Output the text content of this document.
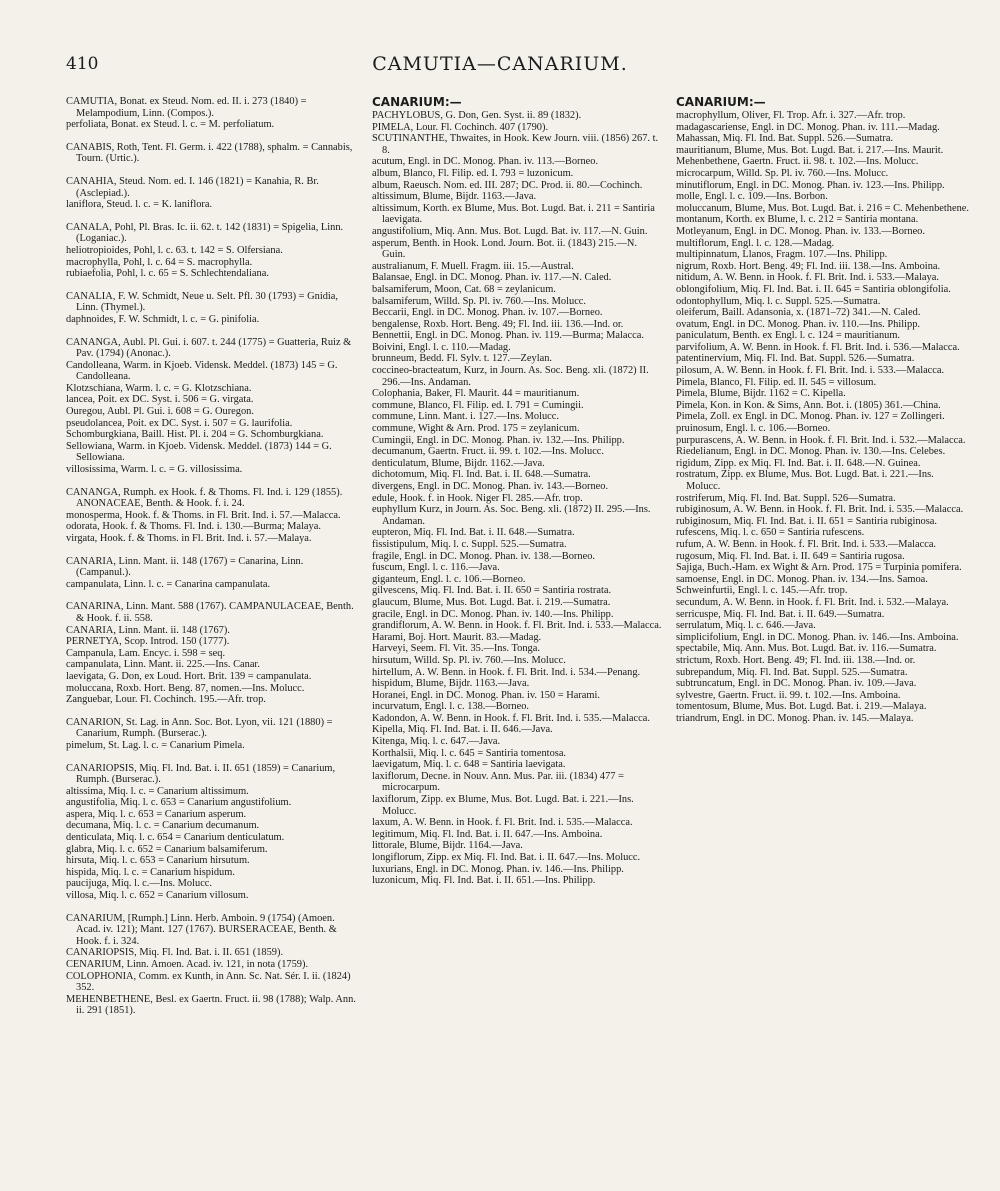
410	CAMUTIA—CANARIUM.
CAMUTIA, Bonat. ex Steud. Nom. ed. II. i. 273 (1840) = Melampodium, Linn. (Compos.).
perfoliata, Bonat. ex Steud. l. c. = M. perfoliatum.
CANABIS, Roth, Tent. Fl. Germ. i. 422 (1788), sphalm. = Cannabis, Tourn. (Urtic.).
CANAHIA, Steud. Nom. ed. I. 146 (1821) = Kanahia, R. Br. (Asclepiad.).
laniflora, Steud. l. c. = K. laniflora.
CANALA, Pohl, Pl. Bras. Ic. ii. 62. t. 142 (1831) = Spigelia, Linn. (Loganiac.).
heliotropioides, Pohl, l. c. 63. t. 142 = S. Olfersiana.
macrophylla, Pohl, l. c. 64 = S. macrophylla.
rubiaefolia, Pohl, l. c. 65 = S. Schlechtendaliana.
CANALIA, F. W. Schmidt, Neue u. Selt. Pfl. 30 (1793) = Gnidia, Linn. (Thymel.).
daphnoides, F. W. Schmidt, l. c. = G. pinifolia.
CANANGA, Aubl. Pl. Gui. i. 607. t. 244 (1775) = Guatteria, Ruiz & Pav. (1794) (Anonac.).
Candolleana, Warm. in Kjoeb. Vidensk. Meddel. (1873) 145 = G. Candolleana.
Klotzschiana, Warm. l. c. = G. Klotzschiana.
lancea, Poit. ex DC. Syst. i. 506 = G. virgata.
Ouregou, Aubl. Pl. Gui. i. 608 = G. Ouregon.
pseudolancea, Poit. ex DC. Syst. i. 507 = G. laurifolia.
Schomburgkiana, Baill. Hist. Pl. i. 204 = G. Schomburgkiana.
Sellowiana, Warm. in Kjoeb. Vidensk. Meddel. (1873) 144 = G. Sellowiana.
villosissima, Warm. l. c. = G. villosissima.
CANANGA, Rumph. ex Hook. f. & Thoms. Fl. Ind. i. 129 (1855). ANONACEAE, Benth. & Hook. f. i. 24.
monosperma, Hook. f. & Thoms. in Fl. Brit. Ind. i. 57.—Malacca.
odorata, Hook. f. & Thoms. Fl. Ind. i. 130.—Burma; Malaya.
virgata, Hook. f. & Thoms. in Fl. Brit. Ind. i. 57.—Malaya.
CANARIA, Linn. Mant. ii. 148 (1767) = Canarina, Linn. (Campanul.).
campanulata, Linn. l. c. = Canarina campanulata.
CANARINA, Linn. Mant. 588 (1767). CAMPANULACEAE, Benth. & Hook. f. ii. 558.
CANARIA, Linn. Mant. ii. 148 (1767).
PERNETYA, Scop. Introd. 150 (1777).
Campanula, Lam. Encyc. i. 598 = seq.
campanulata, Linn. Mant. ii. 225.—Ins. Canar.
laevigata, G. Don, ex Loud. Hort. Brit. 139 = campanulata.
moluccana, Roxb. Hort. Beng. 87, nomen.—Ins. Molucc.
Zanguebar, Lour. Fl. Cochinch. 195.—Afr. trop.
CANARION, St. Lag. in Ann. Soc. Bot. Lyon, vii. 121 (1880) = Canarium, Rumph. (Burserac.).
pimelum, St. Lag. l. c. = Canarium Pimela.
CANARIOPSIS, Miq. Fl. Ind. Bat. i. II. 651 (1859) = Canarium, Rumph. (Burserac.).
altissima, Miq. l. c. = Canarium altissimum.
angustifolia, Miq. l. c. 653 = Canarium angustifolium.
aspera, Miq. l. c. 653 = Canarium asperum.
decumana, Miq. l. c. = Canarium decumanum.
denticulata, Miq. l. c. 654 = Canarium denticulatum.
glabra, Miq. l. c. 652 = Canarium balsamiferum.
hirsuta, Miq. l. c. 653 = Canarium hirsutum.
hispida, Miq. l. c. = Canarium hispidum.
paucijuga, Miq. l. c.—Ins. Molucc.
villosa, Miq. l. c. 652 = Canarium villosum.
CANARIUM, [Rumph.] Linn. Herb. Amboin. 9 (1754) (Amoen. Acad. iv. 121); Mant. 127 (1767). BURSERACEAE, Benth. & Hook. f. i. 324.
CANARIOPSIS, Miq. Fl. Ind. Bat. i. II. 651 (1859).
CENARIUM, Linn. Amoen. Acad. iv. 121, in nota (1759).
COLOPHONIA, Comm. ex Kunth, in Ann. Sc. Nat. Sér. I. ii. (1824) 352.
MEHENBETHENE, Besl. ex Gaertn. Fruct. ii. 98 (1788); Walp. Ann. ii. 291 (1851).
CANARIUM:—
PACHYLOBUS, G. Don, Gen. Syst. ii. 89 (1832).
PIMELA, Lour. Fl. Cochinch. 407 (1790).
SCUTINANTHE, Thwaites, in Hook. Kew Journ. viii. (1856) 267. t. 8.
acutum, Engl. in DC. Monog. Phan. iv. 113.—Borneo.
album, Blanco, Fl. Filip. ed. I. 793 = luzonicum.
album, Raeusch. Nom. ed. III. 287; DC. Prod. ii. 80.—Cochinch.
altissimum, Blume, Bijdr. 1163.—Java.
altissimum, Korth. ex Blume, Mus. Bot. Lugd. Bat. i. 211 = Santiria laevigata.
angustifolium, Miq. Ann. Mus. Bot. Lugd. Bat. iv. 117.—N. Guin.
asperum, Benth. in Hook. Lond. Journ. Bot. ii. (1843) 215.—N. Guin.
australianum, F. Muell. Fragm. iii. 15.—Austral.
Balansae, Engl. in DC. Monog. Phan. iv. 117.—N. Caled.
balsamiferum, Moon, Cat. 68 = zeylanicum.
balsamiferum, Willd. Sp. Pl. iv. 760.—Ins. Molucc.
Beccarii, Engl. in DC. Monog. Phan. iv. 107.—Borneo.
bengalense, Roxb. Hort. Beng. 49; Fl. Ind. iii. 136.—Ind. or.
Bennettii, Engl. in DC. Monog. Phan. iv. 119.—Burma; Malacca.
Boivini, Engl. l. c. 110.—Madag.
brunneum, Bedd. Fl. Sylv. t. 127.—Zeylan.
coccineo-bracteatum, Kurz, in Journ. As. Soc. Beng. xli. (1872) II. 296.—Ins. Andaman.
Colophania, Baker, Fl. Maurit. 44 = mauritianum.
commune, Blanco, Fl. Filip. ed. I. 791 = Cumingii.
commune, Linn. Mant. i. 127.—Ins. Molucc.
commune, Wight & Arn. Prod. 175 = zeylanicum.
Cumingii, Engl. in DC. Monog. Phan. iv. 132.—Ins. Philipp.
decumanum, Gaertn. Fruct. ii. 99. t. 102.—Ins. Molucc.
denticulatum, Blume, Bijdr. 1162.—Java.
dichotomum, Miq. Fl. Ind. Bat. i. II. 648.—Sumatra.
divergens, Engl. in DC. Monog. Phan. iv. 143.—Borneo.
edule, Hook. f. in Hook. Niger Fl. 285.—Afr. trop.
euphyllum Kurz, in Journ. As. Soc. Beng. xli. (1872) II. 295.—Ins. Andaman.
eupteron, Miq. Fl. Ind. Bat. i. II. 648.—Sumatra.
fissistipulum, Miq. l. c. Suppl. 525.—Sumatra.
fragile, Engl. in DC. Monog. Phan. iv. 138.—Borneo.
fuscum, Engl. l. c. 116.—Java.
giganteum, Engl. l. c. 106.—Borneo.
gilvescens, Miq. Fl. Ind. Bat. i. II. 650 = Santiria rostrata.
glaucum, Blume, Mus. Bot. Lugd. Bat. i. 219.—Sumatra.
gracile, Engl. in DC. Monog. Phan. iv. 140.—Ins. Philipp.
grandiflorum, A. W. Benn. in Hook. f. Fl. Brit. Ind. i. 533.—Malacca.
Harami, Boj. Hort. Maurit. 83.—Madag.
Harveyi, Seem. Fl. Vit. 35.—Ins. Tonga.
hirsutum, Willd. Sp. Pl. iv. 760.—Ins. Molucc.
hirtellum, A. W. Benn. in Hook. f. Fl. Brit. Ind. i. 534.—Penang.
hispidum, Blume, Bijdr. 1163.—Java.
Horanei, Engl. in DC. Monog. Phan. iv. 150 = Harami.
incurvatum, Engl. l. c. 138.—Borneo.
Kadondon, A. W. Benn. in Hook. f. Fl. Brit. Ind. i. 535.—Malacca.
Kipella, Miq. Fl. Ind. Bat. i. II. 646.—Java.
Kitenga, Miq. l. c. 647.—Java.
Korthalsii, Miq. l. c. 645 = Santiria tomentosa.
laevigatum, Miq. l. c. 648 = Santiria laevigata.
laxiflorum, Decne. in Nouv. Ann. Mus. Par. iii. (1834) 477 = microcarpum.
laxiflorum, Zipp. ex Blume, Mus. Bot. Lugd. Bat. i. 221.—Ins. Molucc.
laxum, A. W. Benn. in Hook. f. Fl. Brit. Ind. i. 535.—Malacca.
legitimum, Miq. Fl. Ind. Bat. i. II. 647.—Ins. Amboina.
littorale, Blume, Bijdr. 1164.—Java.
longiflorum, Zipp. ex Miq. Fl. Ind. Bat. i. II. 647.—Ins. Molucc.
luxurians, Engl. in DC. Monog. Phan. iv. 146.—Ins. Philipp.
luzonicum, Miq. Fl. Ind. Bat. i. II. 651.—Ins. Philipp.
CANARIUM:—
macrophyllum, Oliver, Fl. Trop. Afr. i. 327.—Afr. trop.
madagascariense, Engl. in DC. Monog. Phan. iv. 111.—Madag.
Mahassan, Miq. Fl. Ind. Bat. Suppl. 526.—Sumatra.
mauritianum, Blume, Mus. Bot. Lugd. Bat. i. 217.—Ins. Maurit.
Mehenbethene, Gaertn. Fruct. ii. 98. t. 102.—Ins. Molucc.
microcarpum, Willd. Sp. Pl. iv. 760.—Ins. Molucc.
minutiflorum, Engl. in DC. Monog. Phan. iv. 123.—Ins. Philipp.
molle, Engl. l. c. 109.—Ins. Borbon.
moluccanum, Blume, Mus. Bot. Lugd. Bat. i. 216 = C. Mehenbethene.
montanum, Korth. ex Blume, l. c. 212 = Santiria montana.
Motleyanum, Engl. in DC. Monog. Phan. iv. 133.—Borneo.
multiflorum, Engl. l. c. 128.—Madag.
multipinnatum, Llanos, Fragm. 107.—Ins. Philipp.
nigrum, Roxb. Hort. Beng. 49; Fl. Ind. iii. 138.—Ins. Amboina.
nitidum, A. W. Benn. in Hook. f. Fl. Brit. Ind. i. 533.—Malaya.
oblongifolium, Miq. Fl. Ind. Bat. i. II. 645 = Santiria oblongifolia.
odontophyllum, Miq. l. c. Suppl. 525.—Sumatra.
oleiferum, Baill. Adansonia, x. (1871–72) 341.—N. Caled.
ovatum, Engl. in DC. Monog. Phan. iv. 110.—Ins. Philipp.
paniculatum, Benth. ex Engl. l. c. 124 = mauritianum.
parvifolium, A. W. Benn. in Hook. f. Fl. Brit. Ind. i. 536.—Malacca.
patentinervium, Miq. Fl. Ind. Bat. Suppl. 526.—Sumatra.
pilosum, A. W. Benn. in Hook. f. Fl. Brit. Ind. i. 533.—Malacca.
Pimela, Blanco, Fl. Filip. ed. II. 545 = villosum.
Pimela, Blume, Bijdr. 1162 = C. Kipella.
Pimela, Kon. in Kon. & Sims, Ann. Bot. i. (1805) 361.—China.
Pimela, Zoll. ex Engl. in DC. Monog. Phan. iv. 127 = Zollingeri.
pruinosum, Engl. l. c. 106.—Borneo.
purpurascens, A. W. Benn. in Hook. f. Fl. Brit. Ind. i. 532.—Malacca.
Riedelianum, Engl. in DC. Monog. Phan. iv. 130.—Ins. Celebes.
rigidum, Zipp. ex Miq. Fl. Ind. Bat. i. II. 648.—N. Guinea.
rostratum, Zipp. ex Blume, Mus. Bot. Lugd. Bat. i. 221.—Ins. Molucc.
rostriferum, Miq. Fl. Ind. Bat. Suppl. 526—Sumatra.
rubiginosum, A. W. Benn. in Hook. f. Fl. Brit. Ind. i. 535.—Malacca.
rubiginosum, Miq. Fl. Ind. Bat. i. II. 651 = Santiria rubiginosa.
rufescens, Miq. l. c. 650 = Santiria rufescens.
rufum, A. W. Benn. in Hook. f. Fl. Brit. Ind. i. 533.—Malacca.
rugosum, Miq. Fl. Ind. Bat. i. II. 649 = Santiria rugosa.
Sajiga, Buch.-Ham. ex Wight & Arn. Prod. 175 = Turpinia pomifera.
samoense, Engl. in DC. Monog. Phan. iv. 134.—Ins. Samoa.
Schweinfurtii, Engl. l. c. 145.—Afr. trop.
secundum, A. W. Benn. in Hook. f. Fl. Brit. Ind. i. 532.—Malaya.
serricuspe, Miq. Fl. Ind. Bat. i. II. 649.—Sumatra.
serrulatum, Miq. l. c. 646.—Java.
simplicifolium, Engl. in DC. Monog. Phan. iv. 146.—Ins. Amboina.
spectabile, Miq. Ann. Mus. Bot. Lugd. Bat. iv. 116.—Sumatra.
strictum, Roxb. Hort. Beng. 49; Fl. Ind. iii. 138.—Ind. or.
subrepandum, Miq. Fl. Ind. Bat. Suppl. 525.—Sumatra.
subtruncatum, Engl. in DC. Monog. Phan. iv. 109.—Java.
sylvestre, Gaertn. Fruct. ii. 99. t. 102.—Ins. Amboina.
tomentosum, Blume, Mus. Bot. Lugd. Bat. i. 219.—Malaya.
triandrum, Engl. in DC. Monog. Phan. iv. 145.—Malaya.
